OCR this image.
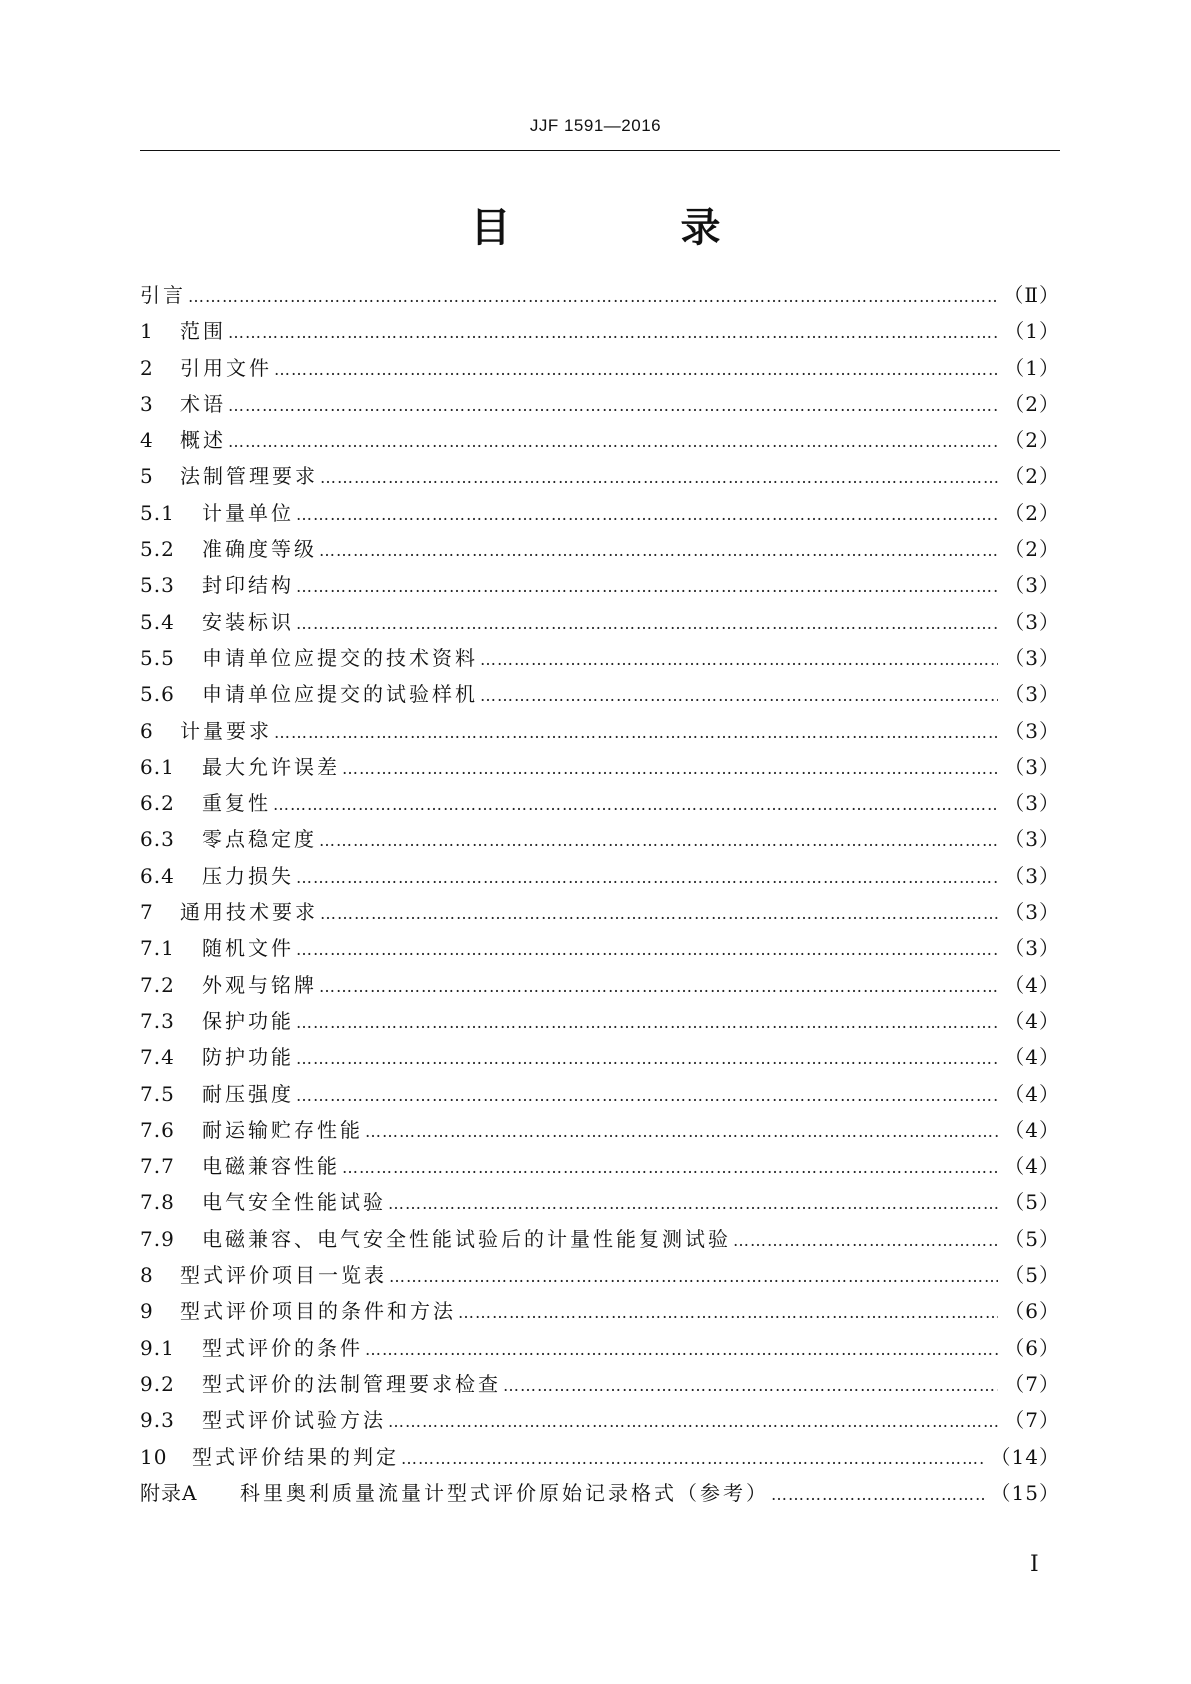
JJF 1591—2016
目 录
引言 ……………………………………………………………………………………………………………………………………………………………………………………	（Ⅱ）
1	范围 ……………………………………………………………………………………………………………………………………………………………………………………	（1）
2	引用文件 ……………………………………………………………………………………………………………………………………………………………………………………	（1）
3	术语 ……………………………………………………………………………………………………………………………………………………………………………………	（2）
4	概述 ……………………………………………………………………………………………………………………………………………………………………………………	（2）
5	法制管理要求 ……………………………………………………………………………………………………………………………………………………………………………………	（2）
5.1	计量单位 ……………………………………………………………………………………………………………………………………………………………………………………	（2）
5.2	准确度等级 ……………………………………………………………………………………………………………………………………………………………………………………	（2）
5.3	封印结构 ……………………………………………………………………………………………………………………………………………………………………………………	（3）
5.4	安装标识 ……………………………………………………………………………………………………………………………………………………………………………………	（3）
5.5	申请单位应提交的技术资料 ……………………………………………………………………………………………………………………………………………………………………………………	（3）
5.6	申请单位应提交的试验样机 ……………………………………………………………………………………………………………………………………………………………………………………	（3）
6	计量要求 ……………………………………………………………………………………………………………………………………………………………………………………	（3）
6.1	最大允许误差 ……………………………………………………………………………………………………………………………………………………………………………………	（3）
6.2	重复性 ……………………………………………………………………………………………………………………………………………………………………………………	（3）
6.3	零点稳定度 ……………………………………………………………………………………………………………………………………………………………………………………	（3）
6.4	压力损失 ……………………………………………………………………………………………………………………………………………………………………………………	（3）
7	通用技术要求 ……………………………………………………………………………………………………………………………………………………………………………………	（3）
7.1	随机文件 ……………………………………………………………………………………………………………………………………………………………………………………	（3）
7.2	外观与铭牌 ……………………………………………………………………………………………………………………………………………………………………………………	（4）
7.3	保护功能 ……………………………………………………………………………………………………………………………………………………………………………………	（4）
7.4	防护功能 ……………………………………………………………………………………………………………………………………………………………………………………	（4）
7.5	耐压强度 ……………………………………………………………………………………………………………………………………………………………………………………	（4）
7.6	耐运输贮存性能 ……………………………………………………………………………………………………………………………………………………………………………………	（4）
7.7	电磁兼容性能 ……………………………………………………………………………………………………………………………………………………………………………………	（4）
7.8	电气安全性能试验 ……………………………………………………………………………………………………………………………………………………………………………………	（5）
7.9	电磁兼容、电气安全性能试验后的计量性能复测试验 ……………………………………………………………………………………………………………………………………………………………………………………	（5）
8	型式评价项目一览表 ……………………………………………………………………………………………………………………………………………………………………………………	（5）
9	型式评价项目的条件和方法 ……………………………………………………………………………………………………………………………………………………………………………………	（6）
9.1	型式评价的条件 ……………………………………………………………………………………………………………………………………………………………………………………	（6）
9.2	型式评价的法制管理要求检查 ……………………………………………………………………………………………………………………………………………………………………………………	（7）
9.3	型式评价试验方法 ……………………………………………………………………………………………………………………………………………………………………………………	（7）
10	型式评价结果的判定 ……………………………………………………………………………………………………………………………………………………………………………………	（14）
附录A	科里奥利质量流量计型式评价原始记录格式（参考） ……………………………………………………………………………………………………………………………………………………………………………………	（15）
Ⅰ
